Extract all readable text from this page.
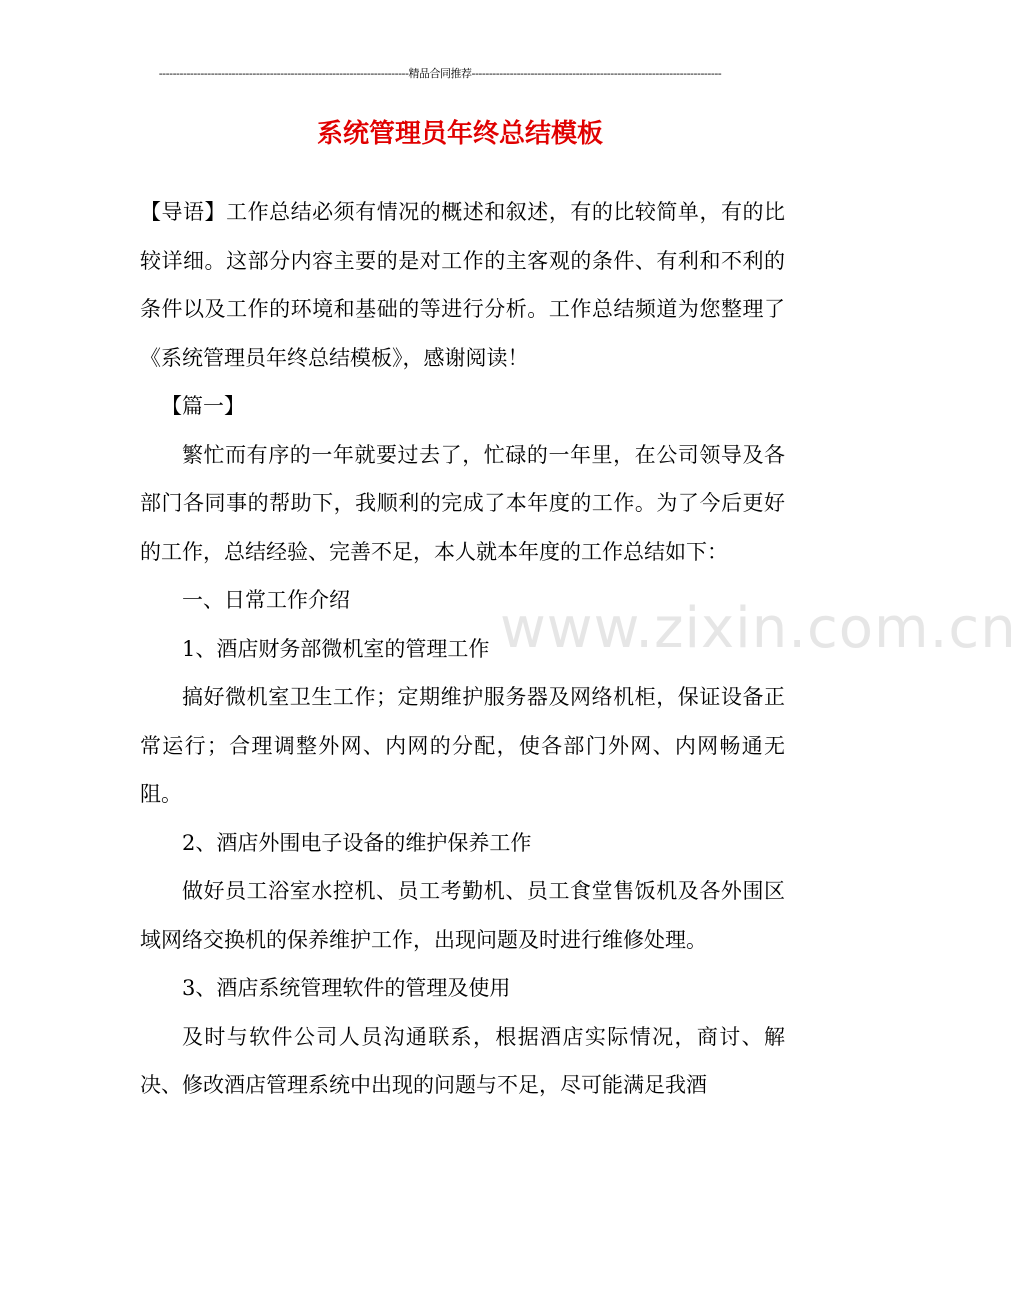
------------------------------------------------------------------------精品合同推荐------------------------------------------------------------------------
系统管理员年终总结模板

【导语】工作总结必须有情况的概述和叙述，有的比较简单，有的比较详细。这部分内容主要的是对工作的主客观的条件、有利和不利的条件以及工作的环境和基础的等进行分析。工作总结频道为您整理了《系统管理员年终总结模板》，感谢阅读！

【篇一】

繁忙而有序的一年就要过去了，忙碌的一年里，在公司领导及各部门各同事的帮助下，我顺利的完成了本年度的工作。为了今后更好的工作，总结经验、完善不足，本人就本年度的工作总结如下：

一、日常工作介绍

1、酒店财务部微机室的管理工作

搞好微机室卫生工作；定期维护服务器及网络机柜，保证设备正常运行；合理调整外网、内网的分配，使各部门外网、内网畅通无阻。

2、酒店外围电子设备的维护保养工作

做好员工浴室水控机、员工考勤机、员工食堂售饭机及各外围区域网络交换机的保养维护工作，出现问题及时进行维修处理。

3、酒店系统管理软件的管理及使用

及时与软件公司人员沟通联系，根据酒店实际情况，商讨、解决、修改酒店管理系统中出现的问题与不足，尽可能满足我酒

www.zixin.com.cn
